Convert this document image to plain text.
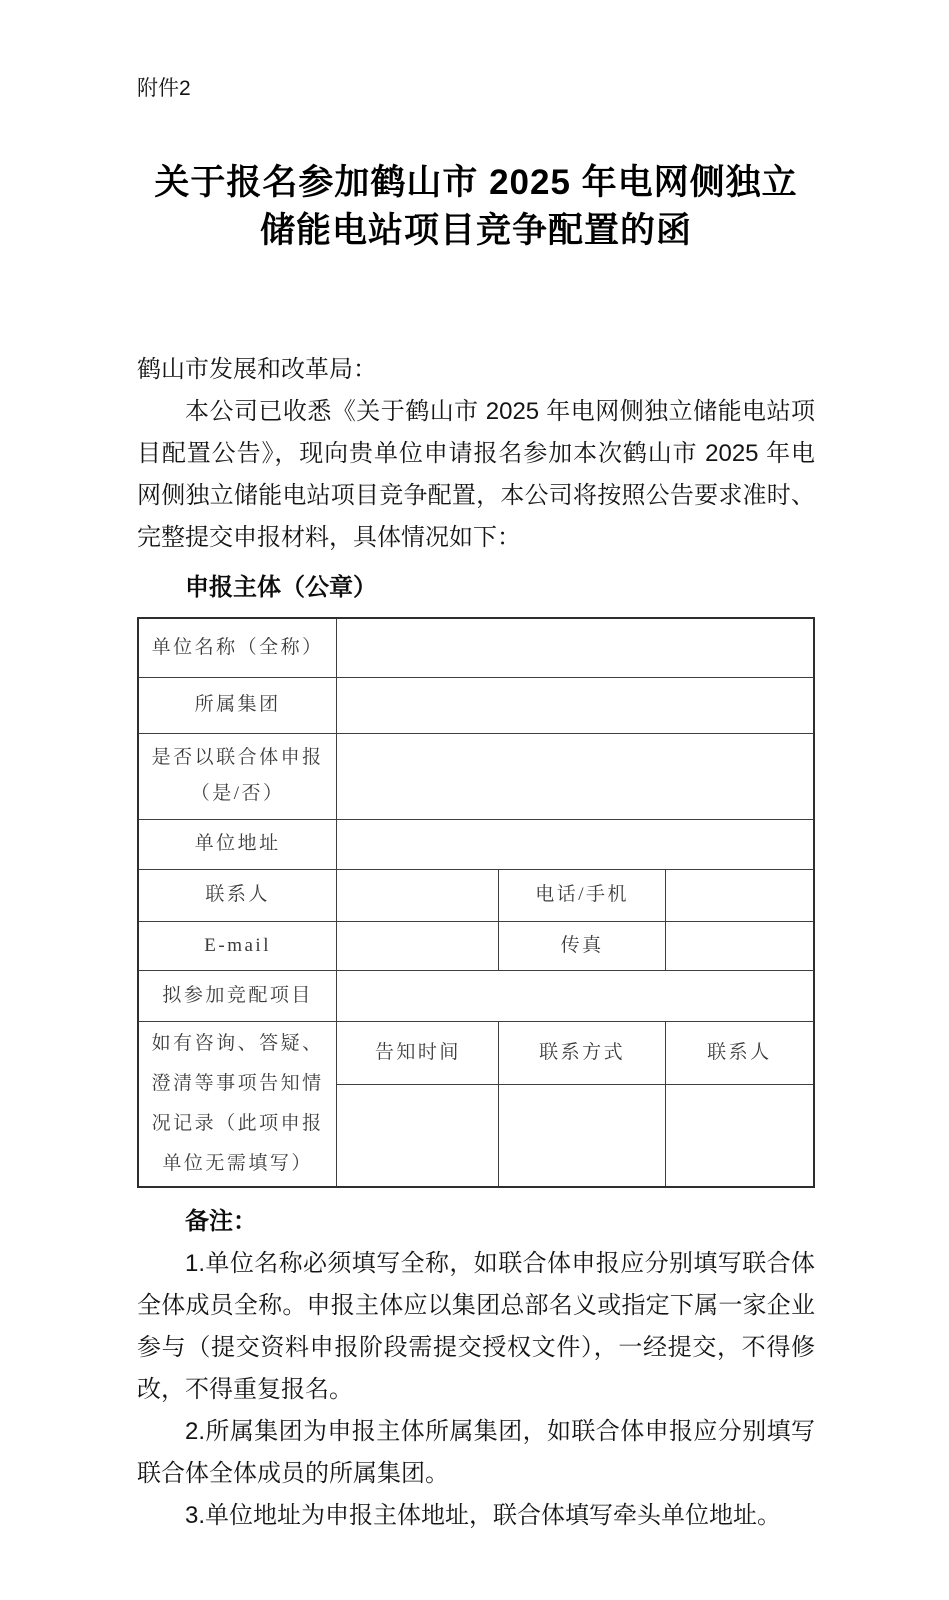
附件2
关于报名参加鹤山市 2025 年电网侧独立
储能电站项目竞争配置的函
鹤山市发展和改革局：

本公司已收悉《关于鹤山市 2025 年电网侧独立储能电站项目配置公告》，现向贵单位申请报名参加本次鹤山市 2025 年电网侧独立储能电站项目竞争配置，本公司将按照公告要求准时、完整提交申报材料，具体情况如下：

申报主体（公章）
单位名称（全称）			
所属集团			

是否以联合体申报
（是/否）			

单位地址			
联系人		电话/手机	
E-mail		传真	
拟参加竞配项目			
如有咨询、答疑、澄清等事项告知情况记录（此项申报单位无需填写）	告知时间	联系方式	联系人

备注：

1.单位名称必须填写全称，如联合体申报应分别填写联合体全体成员全称。申报主体应以集团总部名义或指定下属一家企业参与（提交资料申报阶段需提交授权文件），一经提交，不得修改，不得重复报名。

2.所属集团为申报主体所属集团，如联合体申报应分别填写联合体全体成员的所属集团。

3.单位地址为申报主体地址，联合体填写牵头单位地址。
